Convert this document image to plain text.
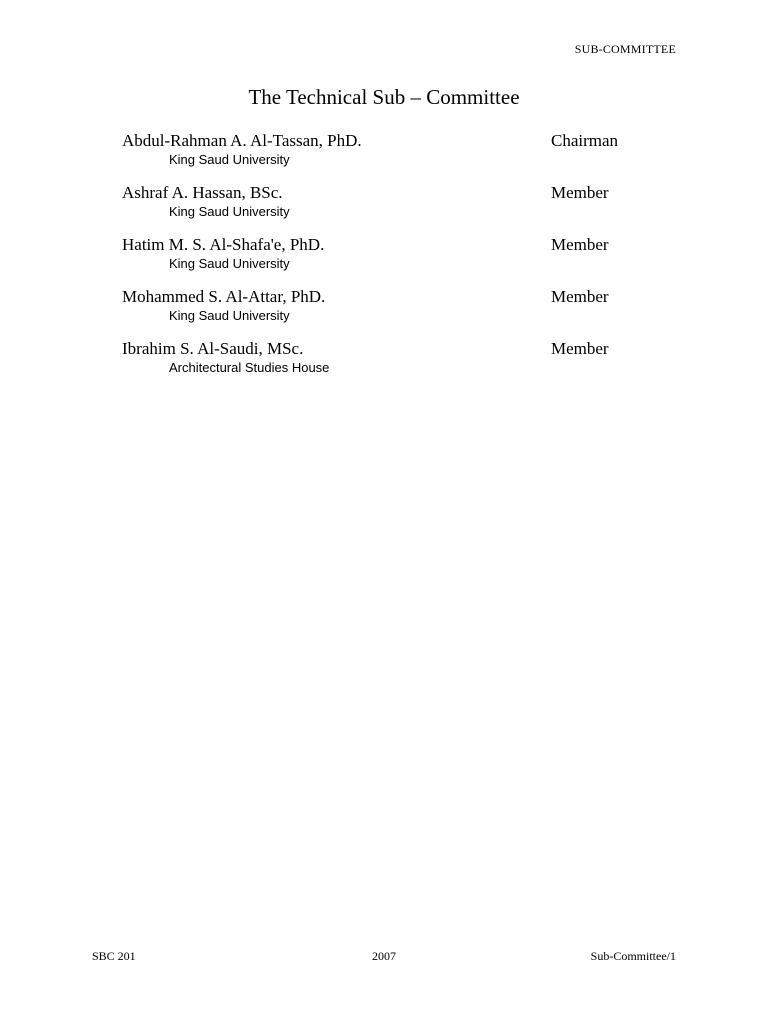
SUB-COMMITTEE
The Technical Sub – Committee
Abdul-Rahman A. Al-Tassan, PhD.	Chairman
King Saud University
Ashraf A. Hassan, BSc.	Member
King Saud University
Hatim M. S. Al-Shafa'e, PhD.	Member
King Saud University
Mohammed S. Al-Attar, PhD.	Member
King Saud University
Ibrahim S. Al-Saudi, MSc.	Member
Architectural Studies House
SBC 201	2007	Sub-Committee/1
